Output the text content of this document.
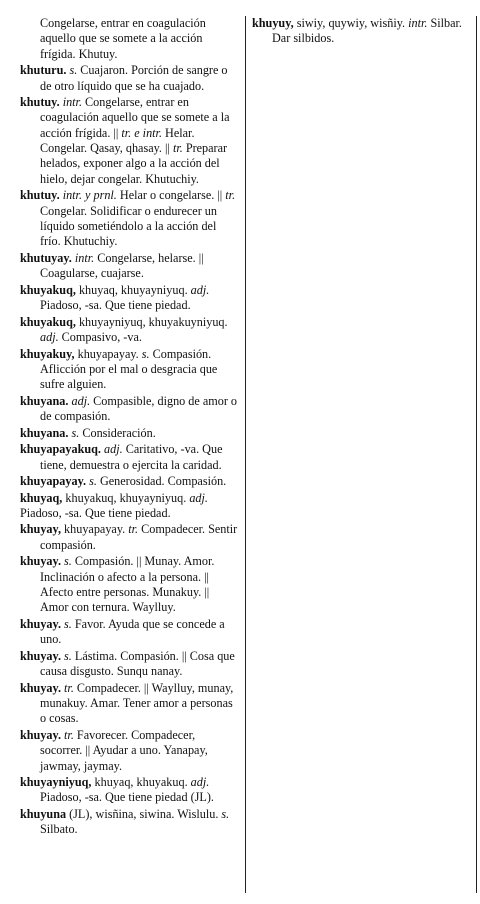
Congelarse, entrar en coagulación aquello que se somete a la acción frígida. Khutuy.

khuturu. s. Cuajaron. Porción de sangre o de otro líquido que se ha cuajado.

khutuy. intr. Congelarse, entrar en coagulación aquello que se somete a la acción frígida. || tr. e intr. Helar. Congelar. Qasay, qhasay. || tr. Preparar helados, exponer algo a la acción del hielo, dejar congelar. Khutuchiy.

khutuy. intr. y prnl. Helar o congelarse. || tr. Congelar. Solidificar o endurecer un líquido sometiéndolo a la acción del frío. Khutuchiy.

khutuyay. intr. Congelarse, helarse. || Coagularse, cuajarse.

khuyakuq, khuyaq, khuyayniyuq. adj. Piadoso, -sa. Que tiene piedad.

khuyakuq, khuyayniyuq, khuyakuyniyuq. adj. Compasivo, -va.

khuyakuy, khuyapayay. s. Compasión. Aflicción por el mal o desgracia que sufre alguien.

khuyana. adj. Compasible, digno de amor o de compasión.

khuyana. s. Consideración.

khuyapayakuq. adj. Caritativo, -va. Que tiene, demuestra o ejercita la caridad.

khuyapayay. s. Generosidad. Compasión.

khuyaq, khuyakuq, khuyayniyuq. adj. Piadoso, -sa. Que tiene piedad.

khuyay, khuyapayay. tr. Compadecer. Sentir compasión.

khuyay. s. Compasión. || Munay. Amor. Inclinación o afecto a la persona. || Afecto entre personas. Munakuy. || Amor con ternura. Waylluy.

khuyay. s. Favor. Ayuda que se concede a uno.

khuyay. s. Lástima. Compasión. || Cosa que causa disgusto. Sunqu nanay.

khuyay. tr. Compadecer. || Waylluy, munay, munakuy. Amar. Tener amor a personas o cosas.

khuyay. tr. Favorecer. Compadecer, socorrer. || Ayudar a uno. Yanapay, jawmay, jaymay.

khuyayniyuq, khuyaq, khuyakuq. adj. Piadoso, -sa. Que tiene piedad (JL).

khuyuna (JL), wisñina, siwina. Wislulu. s. Silbato.

khuyuy, siwiy, quywiy, wisñiy. intr. Silbar. Dar silbidos.
